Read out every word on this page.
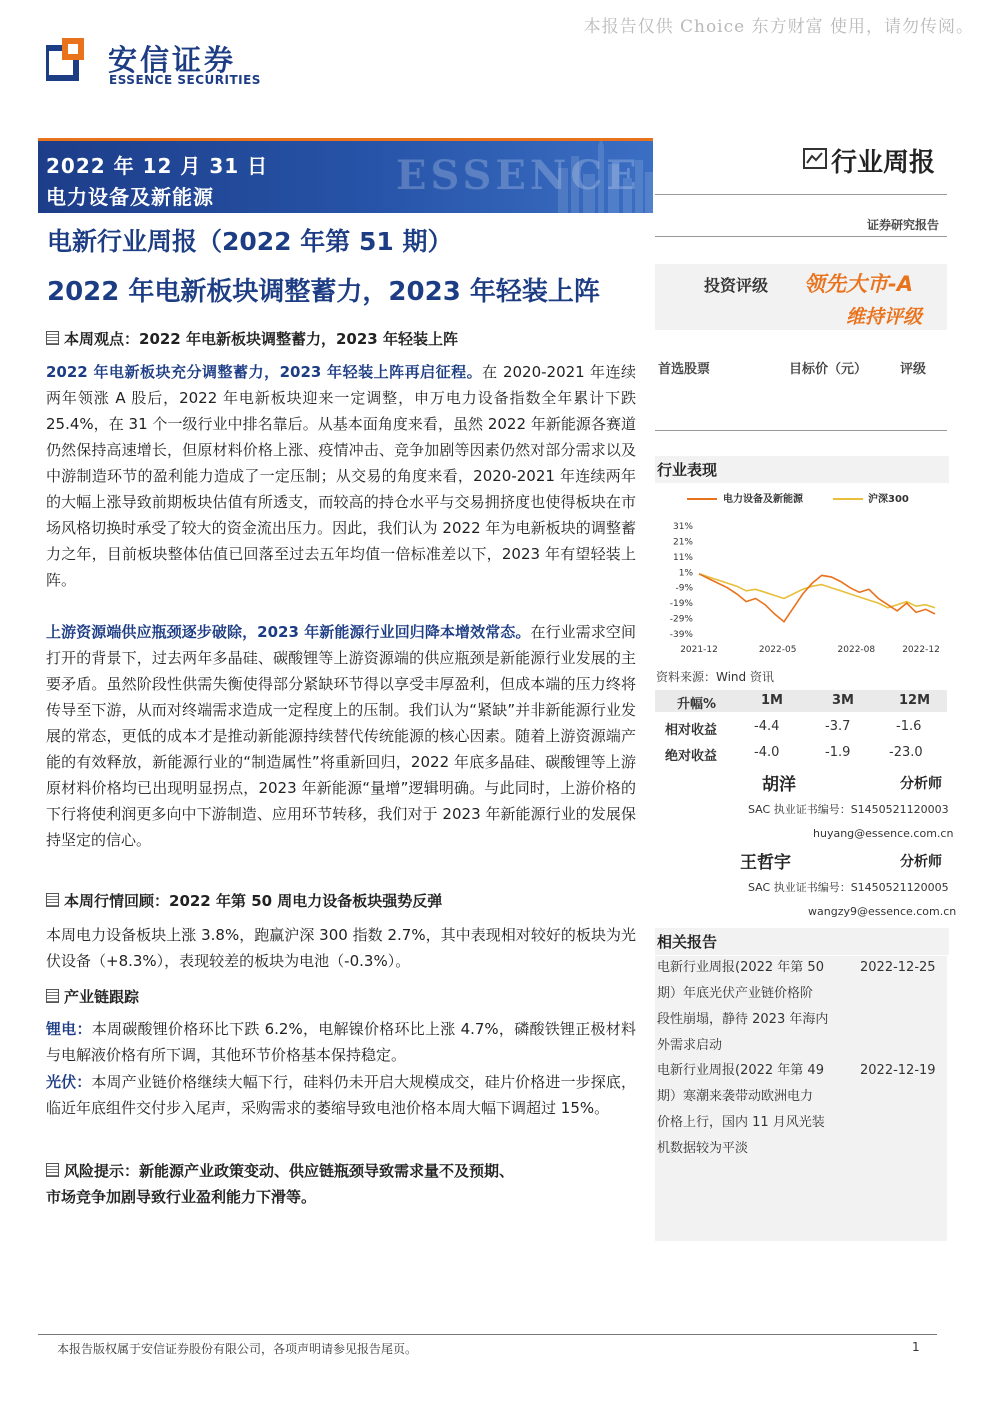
本报告仅供 Choice 东方财富 使用，请勿传阅。
安信证券
ESSENCE SECURITIES
2022 年 12 月 31 日
电力设备及新能源	ESSENCE	行业周报
证券研究报告
电新行业周报（2022 年第 51 期）
2022 年电新板块调整蓄力，2023 年轻装上阵	投资评级 领先大市-A
维持评级
首选股票	目标价（元）	评级
本周观点：2022 年电新板块调整蓄力，2023 年轻装上阵
2022 年电新板块充分调整蓄力，2023 年轻装上阵再启征程。在 2020-2021 年连续两年领涨 A 股后，2022 年电新板块迎来一定调整，申万电力设备指数全年累计下跌 25.4%，在 31 个一级行业中排名靠后。从基本面角度来看，虽然 2022 年新能源各赛道仍然保持高速增长，但原材料价格上涨、疫情冲击、竞争加剧等因素仍然对部分需求以及中游制造环节的盈利能力造成了一定压制；从交易的角度来看，2020-2021 年连续两年的大幅上涨导致前期板块估值有所透支，而较高的持仓水平与交易拥挤度也使得板块在市场风格切换时承受了较大的资金流出压力。因此，我们认为 2022 年为电新板块的调整蓄力之年，目前板块整体估值已回落至过去五年均值一倍标准差以下，2023 年有望轻装上阵。
上游资源端供应瓶颈逐步破除，2023 年新能源行业回归降本增效常态。在行业需求空间打开的背景下，过去两年多晶硅、碳酸锂等上游资源端的供应瓶颈是新能源行业发展的主要矛盾。虽然阶段性供需失衡使得部分紧缺环节得以享受丰厚盈利，但成本端的压力终将传导至下游，从而对终端需求造成一定程度上的压制。我们认为“紧缺”并非新能源行业发展的常态，更低的成本才是推动新能源持续替代传统能源的核心因素。随着上游资源端产能的有效释放，新能源行业的“制造属性”将重新回归，2022 年底多晶硅、碳酸锂等上游原材料价格均已出现明显拐点，2023 年新能源“量增”逻辑明确。与此同时，上游价格的下行将使利润更多向中下游制造、应用环节转移，我们对于 2023 年新能源行业的发展保持坚定的信心。
本周行情回顾：2022 年第 50 周电力设备板块强势反弹
本周电力设备板块上涨 3.8%，跑赢沪深 300 指数 2.7%，其中表现相对较好的板块为光伏设备（+8.3%），表现较差的板块为电池（-0.3%）。
产业链跟踪
锂电：本周碳酸锂价格环比下跌 6.2%，电解镍价格环比上涨 4.7%，磷酸铁锂正极材料与电解液价格有所下调，其他环节价格基本保持稳定。
光伏：本周产业链价格继续大幅下行，硅料仍未开启大规模成交，硅片价格进一步探底，临近年底组件交付步入尾声，采购需求的萎缩导致电池价格本周大幅下调超过 15%。
风险提示：新能源产业政策变动、供应链瓶颈导致需求量不及预期、
市场竞争加剧导致行业盈利能力下滑等。
行业表现
电力设备及新能源	沪深300
31%
21%
11%
1%
-9%
-19%
-29%
-39%
2021-12	2022-05	2022-08	2022-12
资料来源：Wind 资讯
升幅%	1M	3M	12M
相对收益	-4.4	-3.7	-1.6
绝对收益	-4.0	-1.9	-23.0
胡洋	分析师
SAC 执业证书编号：S1450521120003
huyang@essence.com.cn
王哲宇	分析师
SAC 执业证书编号：S1450521120005
wangzy9@essence.com.cn
相关报告
电新行业周报(2022 年第 50
期）年底光伏产业链价格阶
段性崩塌，静待 2023 年海内
外需求启动
2022-12-25
电新行业周报(2022 年第 49
期）寒潮来袭带动欧洲电力
价格上行，国内 11 月风光装
机数据较为平淡
2022-12-19
本报告版权属于安信证券股份有限公司，各项声明请参见报告尾页。	1
